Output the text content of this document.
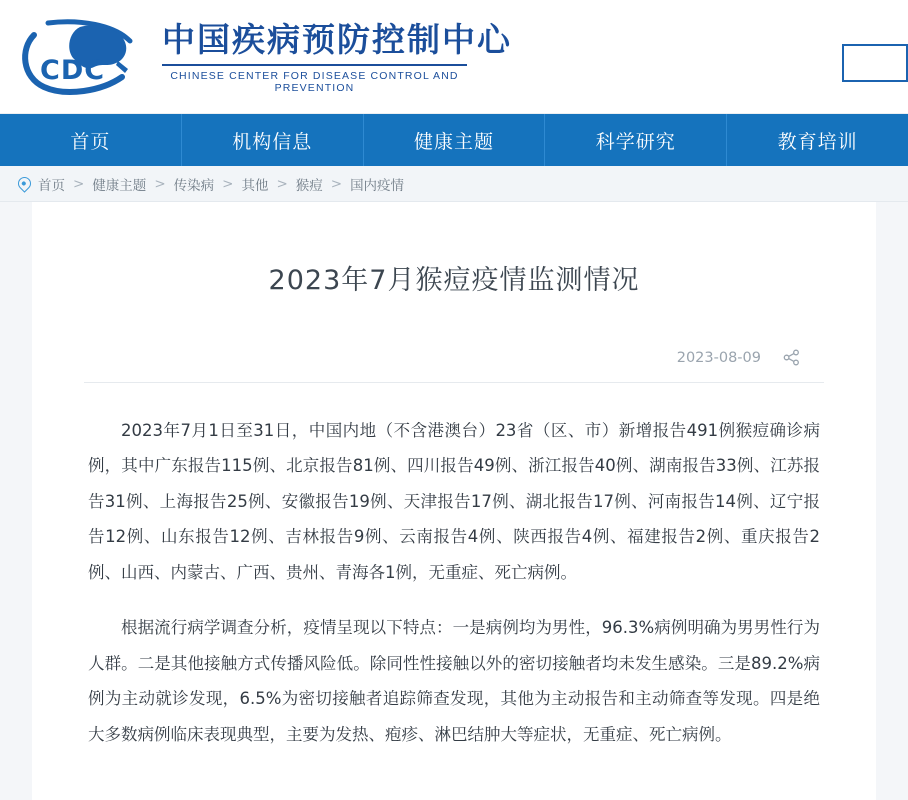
CDC
中国疾病预防控制中心
CHINESE CENTER FOR DISEASE CONTROL AND PREVENTION
首页	机构信息	健康主题	科学研究	教育培训
首页 > 健康主题 > 传染病 > 其他 > 猴痘 > 国内疫情
2023年7月猴痘疫情监测情况
2023-08-09

2023年7月1日至31日，中国内地（不含港澳台）23省（区、市）新增报告491例猴痘确诊病例，其中广东报告115例、北京报告81例、四川报告49例、浙江报告40例、湖南报告33例、江苏报告31例、上海报告25例、安徽报告19例、天津报告17例、湖北报告17例、河南报告14例、辽宁报告12例、山东报告12例、吉林报告9例、云南报告4例、陕西报告4例、福建报告2例、重庆报告2例、山西、内蒙古、广西、贵州、青海各1例，无重症、死亡病例。

根据流行病学调查分析，疫情呈现以下特点：一是病例均为男性，96.3%病例明确为男男性行为人群。二是其他接触方式传播风险低。除同性性接触以外的密切接触者均未发生感染。三是89.2%病例为主动就诊发现，6.5%为密切接触者追踪筛查发现，其他为主动报告和主动筛查等发现。四是绝大多数病例临床表现典型，主要为发热、疱疹、淋巴结肿大等症状，无重症、死亡病例。
